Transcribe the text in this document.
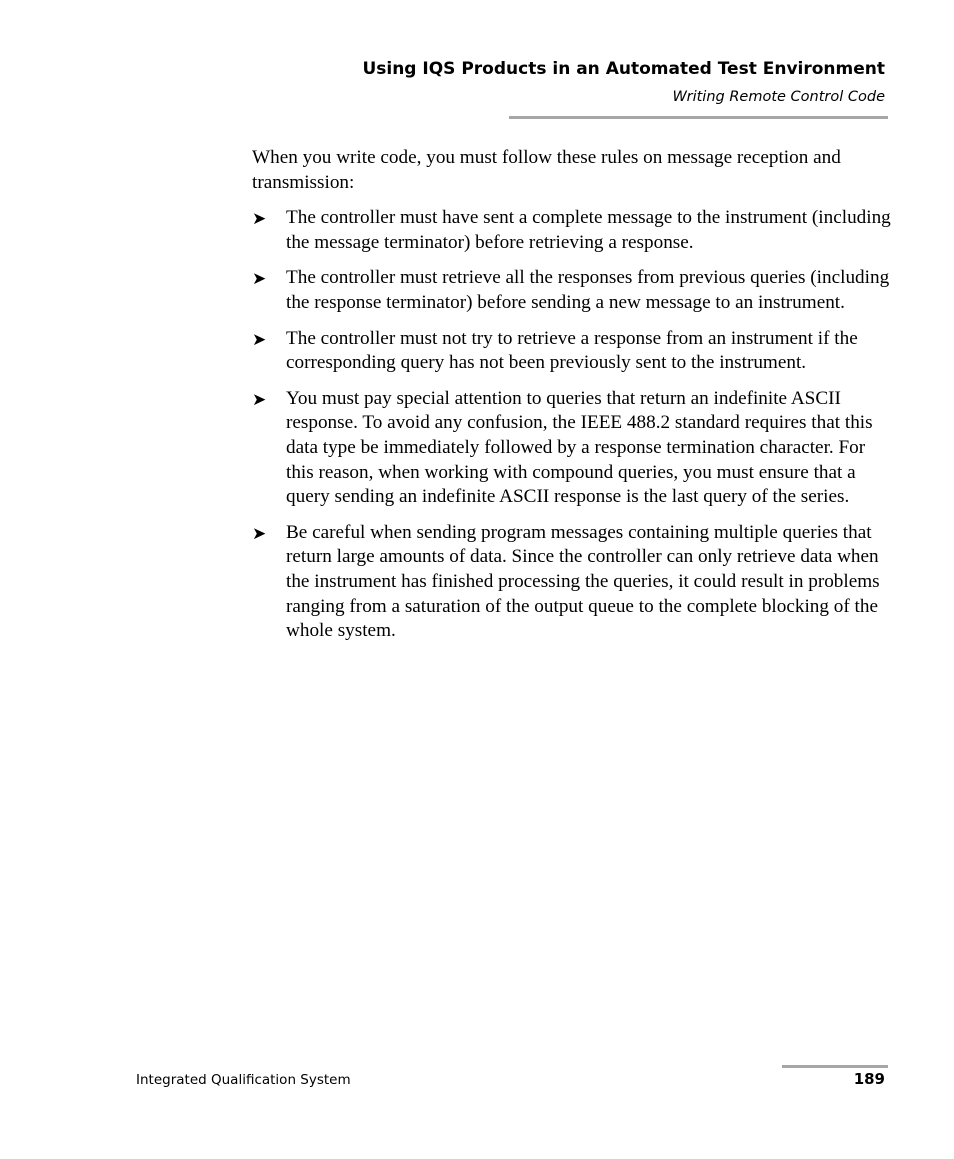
Using IQS Products in an Automated Test Environment
Writing Remote Control Code

When you write code, you must follow these rules on message reception and transmission:

➤ The controller must have sent a complete message to the instrument (including the message terminator) before retrieving a response.
➤ The controller must retrieve all the responses from previous queries (including the response terminator) before sending a new message to an instrument.
➤ The controller must not try to retrieve a response from an instrument if the corresponding query has not been previously sent to the instrument.
➤ You must pay special attention to queries that return an indefinite ASCII response. To avoid any confusion, the IEEE 488.2 standard requires that this data type be immediately followed by a response termination character. For this reason, when working with compound queries, you must ensure that a query sending an indefinite ASCII response is the last query of the series.
➤ Be careful when sending program messages containing multiple queries that return large amounts of data. Since the controller can only retrieve data when the instrument has finished processing the queries, it could result in problems ranging from a saturation of the output queue to the complete blocking of the whole system.
Integrated Qualification System	189
